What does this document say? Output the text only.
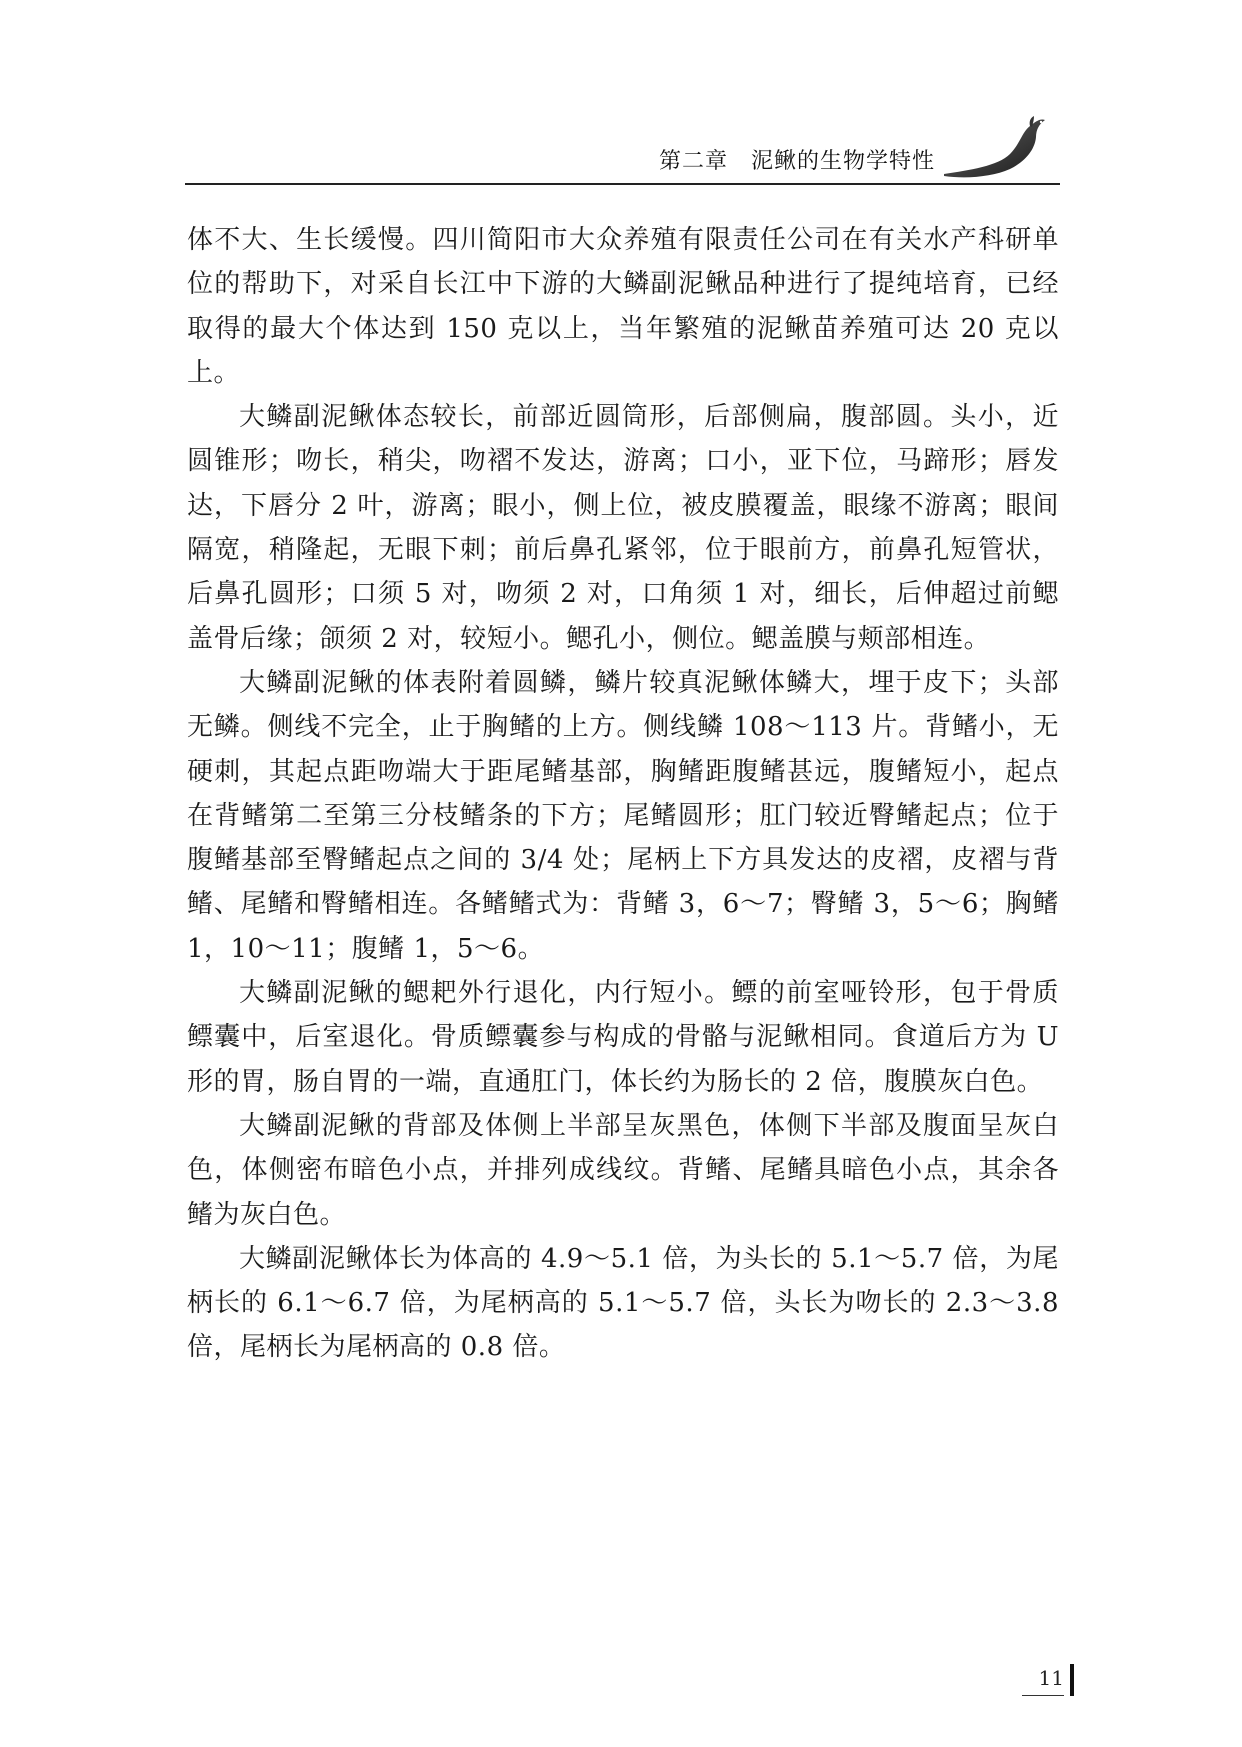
第二章　泥鳅的生物学特性

体不大、生长缓慢。四川简阳市大众养殖有限责任公司在有关水产科研单位的帮助下，对采自长江中下游的大鳞副泥鳅品种进行了提纯培育，已经取得的最大个体达到 150 克以上，当年繁殖的泥鳅苗养殖可达 20 克以上。

大鳞副泥鳅体态较长，前部近圆筒形，后部侧扁，腹部圆。头小，近圆锥形；吻长，稍尖，吻褶不发达，游离；口小，亚下位，马蹄形；唇发达，下唇分 2 叶，游离；眼小，侧上位，被皮膜覆盖，眼缘不游离；眼间隔宽，稍隆起，无眼下刺；前后鼻孔紧邻，位于眼前方，前鼻孔短管状，后鼻孔圆形；口须 5 对，吻须 2 对，口角须 1 对，细长，后伸超过前鳃盖骨后缘；颌须 2 对，较短小。鳃孔小，侧位。鳃盖膜与颊部相连。

大鳞副泥鳅的体表附着圆鳞，鳞片较真泥鳅体鳞大，埋于皮下；头部无鳞。侧线不完全，止于胸鳍的上方。侧线鳞 108～113 片。背鳍小，无硬刺，其起点距吻端大于距尾鳍基部，胸鳍距腹鳍甚远，腹鳍短小，起点在背鳍第二至第三分枝鳍条的下方；尾鳍圆形；肛门较近臀鳍起点；位于腹鳍基部至臀鳍起点之间的 3/4 处；尾柄上下方具发达的皮褶，皮褶与背鳍、尾鳍和臀鳍相连。各鳍鳍式为：背鳍 3，6～7；臀鳍 3，5～6；胸鳍 1，10～11；腹鳍 1，5～6。

大鳞副泥鳅的鳃耙外行退化，内行短小。鳔的前室哑铃形，包于骨质鳔囊中，后室退化。骨质鳔囊参与构成的骨骼与泥鳅相同。食道后方为 U 形的胃，肠自胃的一端，直通肛门，体长约为肠长的 2 倍，腹膜灰白色。

大鳞副泥鳅的背部及体侧上半部呈灰黑色，体侧下半部及腹面呈灰白色，体侧密布暗色小点，并排列成线纹。背鳍、尾鳍具暗色小点，其余各鳍为灰白色。

大鳞副泥鳅体长为体高的 4.9～5.1 倍，为头长的 5.1～5.7 倍，为尾柄长的 6.1～6.7 倍，为尾柄高的 5.1～5.7 倍，头长为吻长的 2.3～3.8 倍，尾柄长为尾柄高的 0.8 倍。

11
